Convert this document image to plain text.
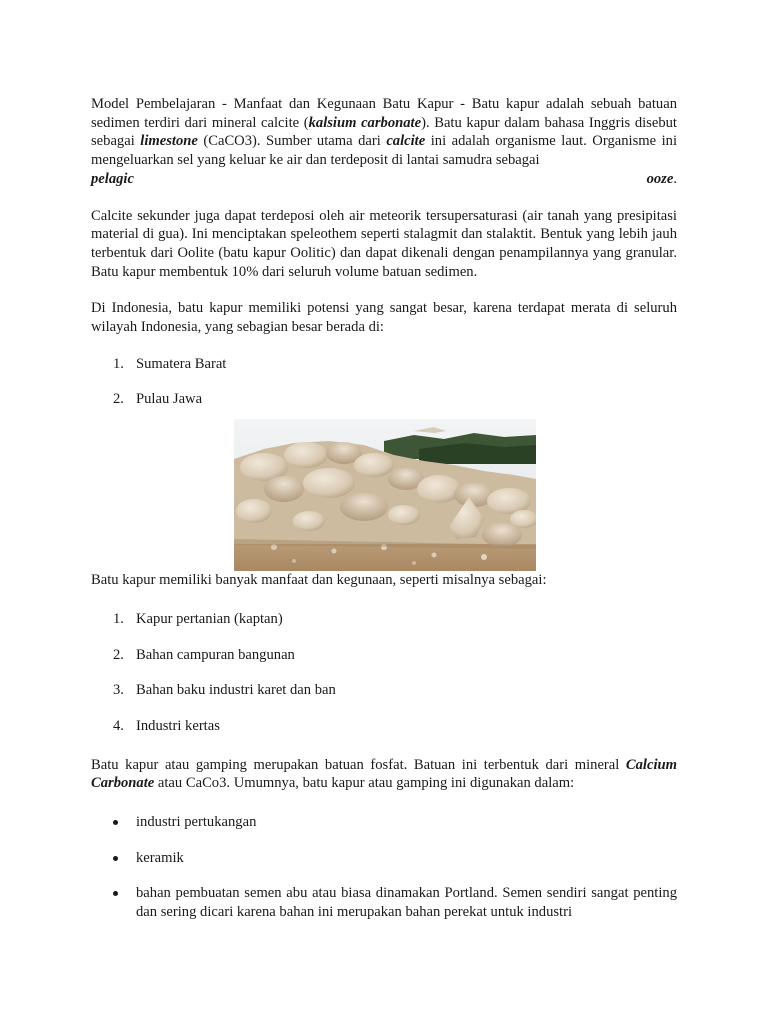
Model Pembelajaran - Manfaat dan Kegunaan Batu Kapur - Batu kapur adalah sebuah batuan sedimen terdiri dari mineral calcite (kalsium carbonate). Batu kapur dalam bahasa Inggris disebut sebagai limestone (CaCO3). Sumber utama dari calcite ini adalah organisme laut. Organisme ini mengeluarkan sel yang keluar ke air dan terdeposit di lantai samudra sebagai

pelagic	ooze.

Calcite sekunder juga dapat terdeposi oleh air meteorik tersupersaturasi (air tanah yang presipitasi material di gua). Ini menciptakan speleothem seperti stalagmit dan stalaktit. Bentuk yang lebih jauh terbentuk dari Oolite (batu kapur Oolitic) dan dapat dikenali dengan penampilannya yang granular. Batu kapur membentuk 10% dari seluruh volume batuan sedimen.

Di Indonesia, batu kapur memiliki potensi yang sangat besar, karena terdapat merata di seluruh wilayah Indonesia, yang sebagian besar berada di:

1. Sumatera Barat
2. Pulau Jawa

Batu kapur memiliki banyak manfaat dan kegunaan, seperti misalnya sebagai:

1. Kapur pertanian (kaptan)
2. Bahan campuran bangunan
3. Bahan baku industri karet dan ban
4. Industri kertas

Batu kapur atau gamping merupakan batuan fosfat. Batuan ini terbentuk dari mineral Calcium Carbonate atau CaCo3. Umumnya, batu kapur atau gamping ini digunakan dalam:

industri pertukangan
keramik
bahan pembuatan semen abu atau biasa dinamakan Portland. Semen sendiri sangat penting dan sering dicari karena bahan ini merupakan bahan perekat untuk industri
